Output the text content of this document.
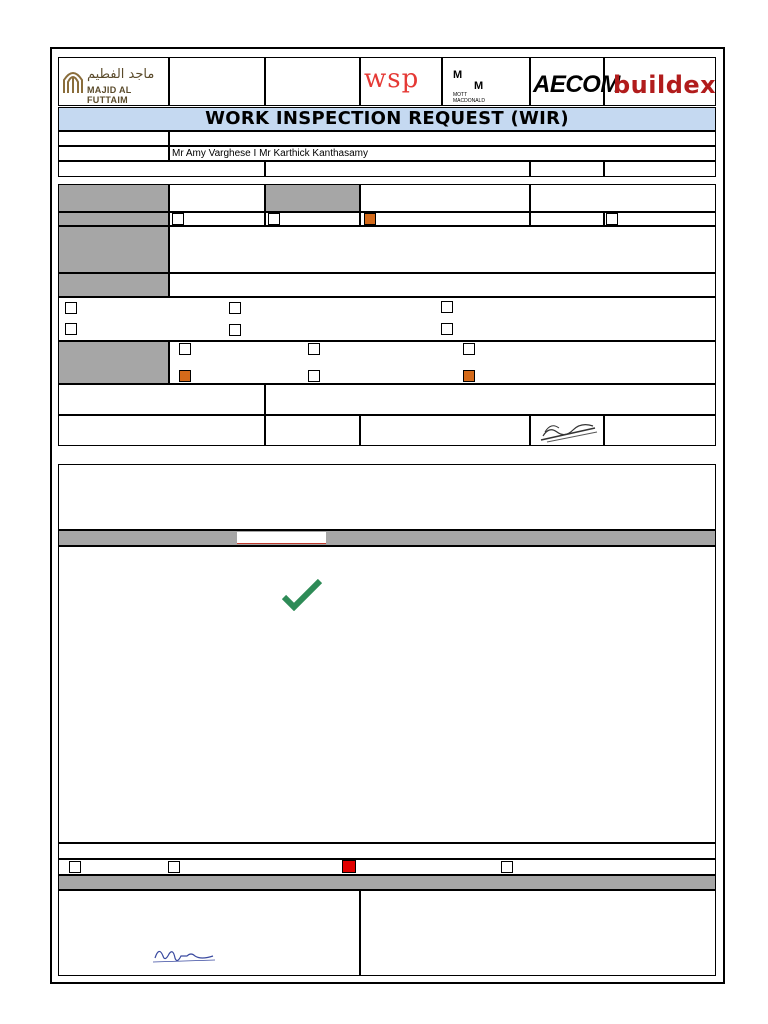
ماجد الفطيم
MAJID AL FUTTAIM
wsp	M
M
MOTT MACDONALD
AECOM
buildex
WORK INSPECTION REQUEST (WIR)
Mr Amy Varghese I Mr Karthick Kanthasamy
